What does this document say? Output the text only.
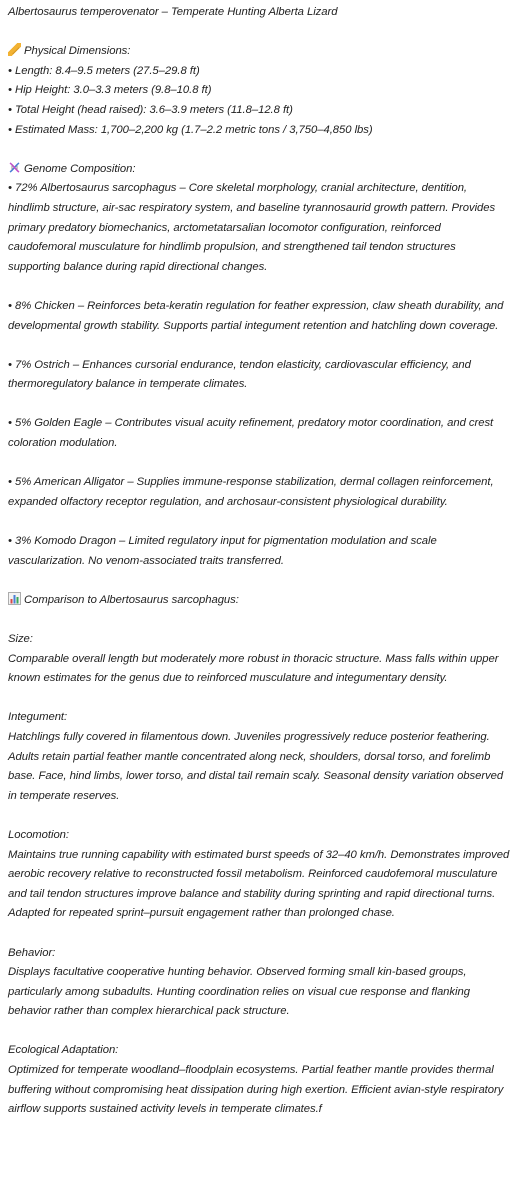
Albertosaurus temperovenator – Temperate Hunting Alberta Lizard
Physical Dimensions:
• Length: 8.4–9.5 meters (27.5–29.8 ft)
• Hip Height: 3.0–3.3 meters (9.8–10.8 ft)
• Total Height (head raised): 3.6–3.9 meters (11.8–12.8 ft)
• Estimated Mass: 1,700–2,200 kg (1.7–2.2 metric tons / 3,750–4,850 lbs)
Genome Composition:
• 72% Albertosaurus sarcophagus – Core skeletal morphology, cranial architecture, dentition, hindlimb structure, air-sac respiratory system, and baseline tyrannosaurid growth pattern. Provides primary predatory biomechanics, arctometatarsalian locomotor configuration, reinforced caudofemoral musculature for hindlimb propulsion, and strengthened tail tendon structures supporting balance during rapid directional changes.
• 8% Chicken – Reinforces beta-keratin regulation for feather expression, claw sheath durability, and developmental growth stability. Supports partial integument retention and hatchling down coverage.
• 7% Ostrich – Enhances cursorial endurance, tendon elasticity, cardiovascular efficiency, and thermoregulatory balance in temperate climates.
• 5% Golden Eagle – Contributes visual acuity refinement, predatory motor coordination, and crest coloration modulation.
• 5% American Alligator – Supplies immune-response stabilization, dermal collagen reinforcement, expanded olfactory receptor regulation, and archosaur-consistent physiological durability.
• 3% Komodo Dragon – Limited regulatory input for pigmentation modulation and scale vascularization. No venom-associated traits transferred.
Comparison to Albertosaurus sarcophagus:
Size:
Comparable overall length but moderately more robust in thoracic structure. Mass falls within upper known estimates for the genus due to reinforced musculature and integumentary density.
Integument:
Hatchlings fully covered in filamentous down. Juveniles progressively reduce posterior feathering. Adults retain partial feather mantle concentrated along neck, shoulders, dorsal torso, and forelimb base. Face, hind limbs, lower torso, and distal tail remain scaly. Seasonal density variation observed in temperate reserves.
Locomotion:
Maintains true running capability with estimated burst speeds of 32–40 km/h. Demonstrates improved aerobic recovery relative to reconstructed fossil metabolism. Reinforced caudofemoral musculature and tail tendon structures improve balance and stability during sprinting and rapid directional turns. Adapted for repeated sprint–pursuit engagement rather than prolonged chase.
Behavior:
Displays facultative cooperative hunting behavior. Observed forming small kin-based groups, particularly among subadults. Hunting coordination relies on visual cue response and flanking behavior rather than complex hierarchical pack structure.
Ecological Adaptation:
Optimized for temperate woodland–floodplain ecosystems. Partial feather mantle provides thermal buffering without compromising heat dissipation during high exertion. Efficient avian-style respiratory airflow supports sustained activity levels in temperate climates.f
